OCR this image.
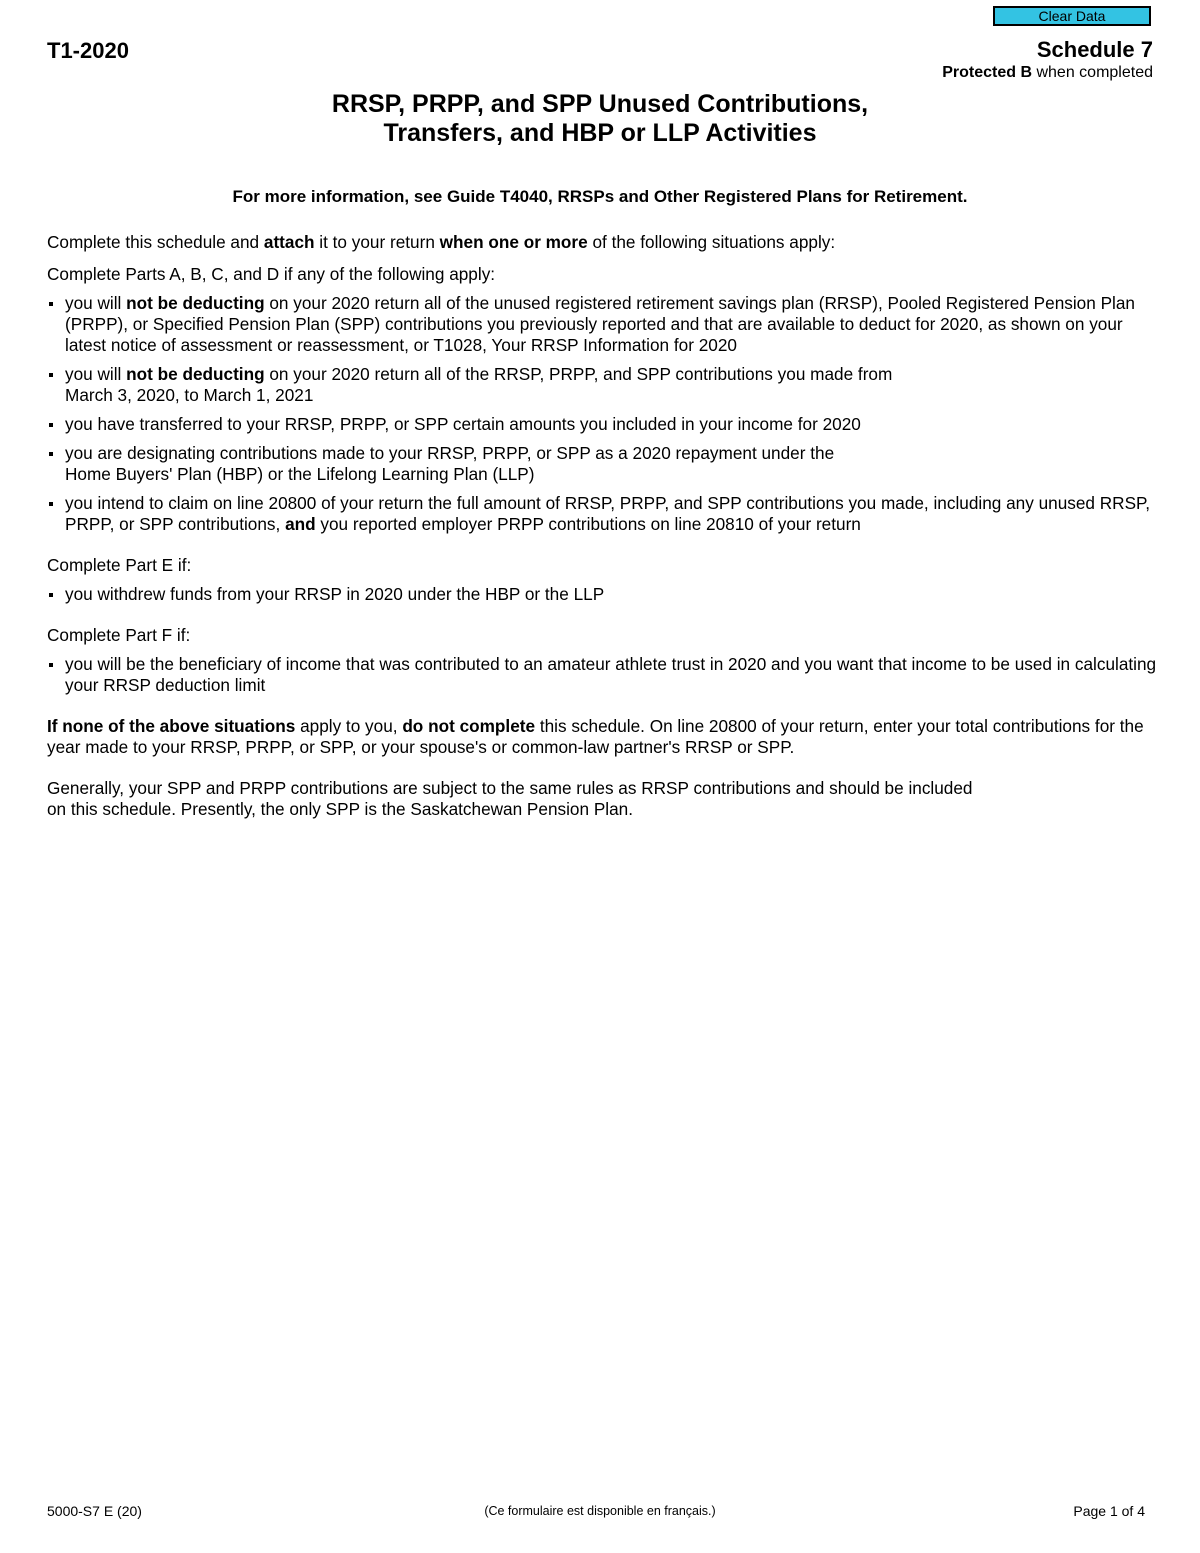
Clear Data
T1-2020	Schedule 7
Protected B when completed
RRSP, PRPP, and SPP Unused Contributions,
Transfers, and HBP or LLP Activities
For more information, see Guide T4040, RRSPs and Other Registered Plans for Retirement.

Complete this schedule and attach it to your return when one or more of the following situations apply:

Complete Parts A, B, C, and D if any of the following apply:

you will not be deducting on your 2020 return all of the unused registered retirement savings plan (RRSP), Pooled Registered Pension Plan (PRPP), or Specified Pension Plan (SPP) contributions you previously reported and that are available to deduct for 2020, as shown on your latest notice of assessment or reassessment, or T1028, Your RRSP Information for 2020
you will not be deducting on your 2020 return all of the RRSP, PRPP, and SPP contributions you made from
March 3, 2020, to March 1, 2021
you have transferred to your RRSP, PRPP, or SPP certain amounts you included in your income for 2020
you are designating contributions made to your RRSP, PRPP, or SPP as a 2020 repayment under the
Home Buyers' Plan (HBP) or the Lifelong Learning Plan (LLP)
you intend to claim on line 20800 of your return the full amount of RRSP, PRPP, and SPP contributions you made, including any unused RRSP, PRPP, or SPP contributions, and you reported employer PRPP contributions on line 20810 of your return

Complete Part E if:

you withdrew funds from your RRSP in 2020 under the HBP or the LLP

Complete Part F if:

you will be the beneficiary of income that was contributed to an amateur athlete trust in 2020 and you want that income to be used in calculating your RRSP deduction limit

If none of the above situations apply to you, do not complete this schedule. On line 20800 of your return, enter your total contributions for the year made to your RRSP, PRPP, or SPP, or your spouse's or common-law partner's RRSP or SPP.

Generally, your SPP and PRPP contributions are subject to the same rules as RRSP contributions and should be included
on this schedule. Presently, the only SPP is the Saskatchewan Pension Plan.

5000-S7 E (20)	(Ce formulaire est disponible en français.)	Page 1 of 4
